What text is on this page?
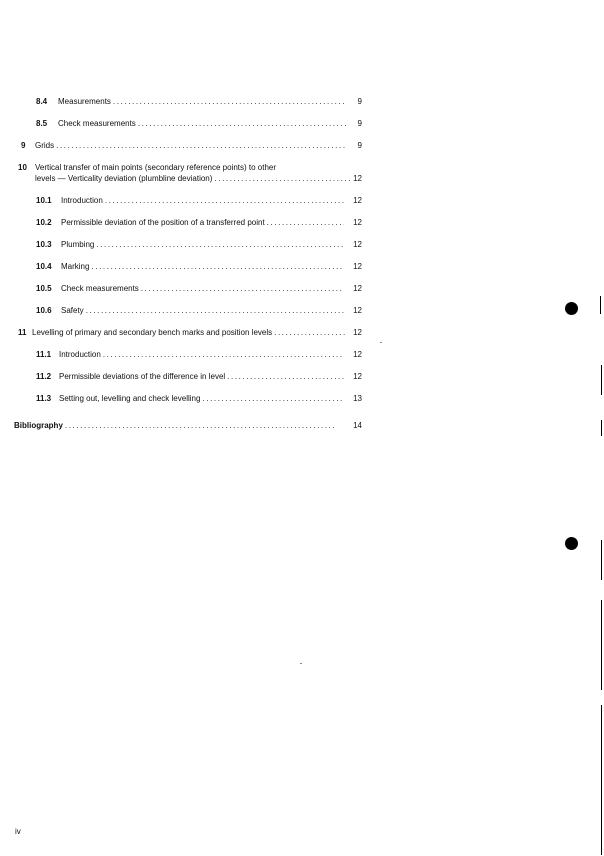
8.4 Measurements .....	9
8.5 Check measurements .....	9
9 Grids .....	9
10 Vertical transfer of main points (secondary reference points) to other
levels — Verticality deviation (plumbline deviation) .....	12
10.1 Introduction .....	12
10.2 Permissible deviation of the position of a transferred point .....	12
10.3 Plumbing .....	12
10.4 Marking .....	12
10.5 Check measurements .....	12
10.6 Safety .....	12
11 Levelling of primary and secondary bench marks and position levels .....	12
11.1 Introduction .....	12
11.2 Permissible deviations of the difference in level .....	12
11.3 Setting out, levelling and check levelling .....	13
Bibliography .....	14
iv
